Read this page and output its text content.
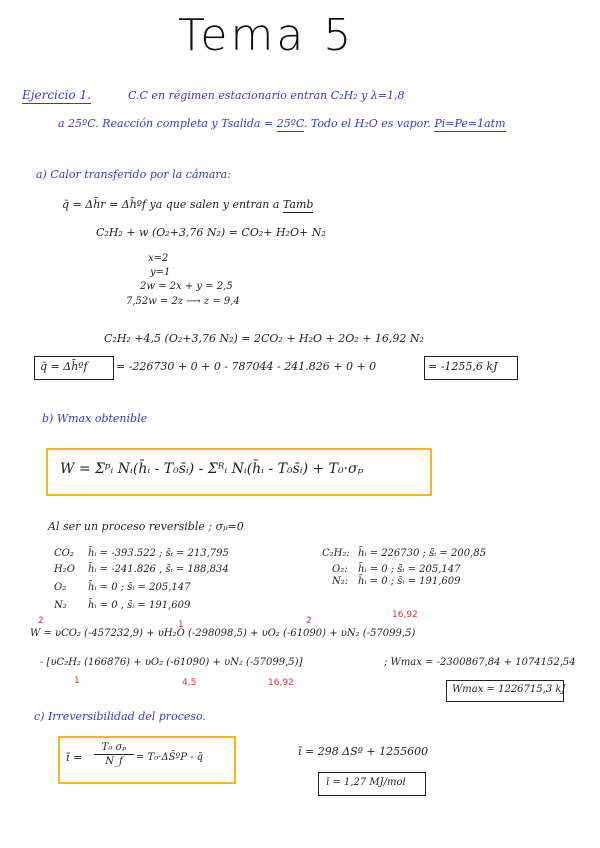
Tema 5
Ejercicio 1.	C.C en régimen estacionario entran C₂H₂ y λ=1,8
a 25ºC. Reacción completa y Tsalida = 25ºC. Todo el H₂O es vapor. Pi=Pe=1atm
a) Calor transferido por la cámara:
q̄ = Δh̄r = Δh̄ºf ya que salen y entran a Tamb
C₂H₂ + w (O₂+3,76 N₂) = CO₂+ H₂O+ N₂
x=2
y=1
2w = 2x + y = 2,5
7,52w = 2z ⟶ z = 9,4
C₂H₂ +4,5 (O₂+3,76 N₂) = 2CO₂ + H₂O + 2O₂ + 16,92 N₂
q̄ = Δh̄ºf	= -226730 + 0 + 0 - 787044 - 241.826 + 0 + 0	= -1255,6 kJ
b) Wmax obtenible
W = Σᵖᵢ Nᵢ(h̄ᵢ - T₀s̄ᵢ) - Σᴿᵢ Nᵢ(h̄ᵢ - T₀s̄ᵢ) + T₀·σₚ
Al ser un proceso reversible ; σₚ=0
CO₂ h̄ᵢ = -393.522 ; s̄ᵢ = 213,795
H₂O h̄ᵢ = -241.826 , s̄ᵢ = 188,834
O₂ h̄ᵢ = 0 ; s̄ᵢ = 205,147
N₂ h̄ᵢ = 0 , s̄ᵢ = 191,609
C₂H₂: h̄ᵢ = 226730 ; s̄ᵢ = 200,85
O₂: h̄ᵢ = 0 ; s̄ᵢ = 205,147
N₂: h̄ᵢ = 0 ; s̄ᵢ = 191,609
2	1	2
16,92
W = υCO₂ (-457232,9) + υH₂O (-298098,5) + υO₂ (-61090) + υN₂ (-57099,5)
- [υC₂H₂ (166876) + υO₂ (-61090) + υN₂ (-57099,5)]	; Wmax = -2300867,84 + 1074152,54
1	4,5	16,92
Wmax = 1226715,3 kJ
c) Irreversibilidad del proceso.
ī =
T₀ σₚ
N_f	= T₀·ΔS̄ºP - q̄	ī = 298 ΔSº + 1255600
ī = 1,27 MJ/mol
